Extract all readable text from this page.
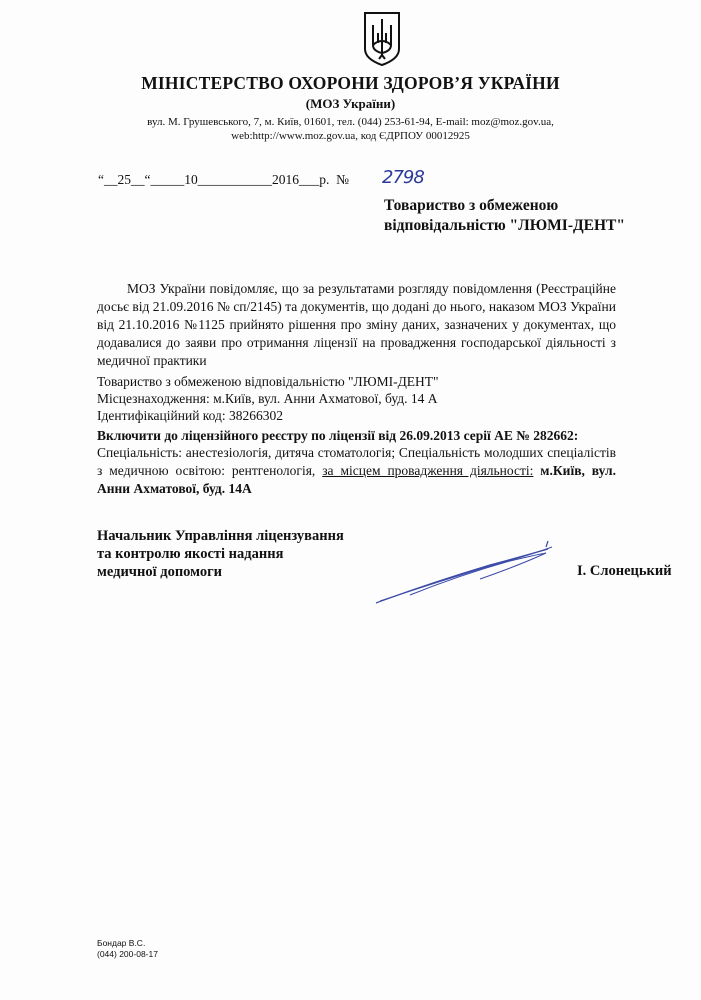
МІНІСТЕРСТВО ОХОРОНИ ЗДОРОВ’Я УКРАЇНИ
(МОЗ України)
вул. М. Грушевського, 7, м. Київ, 01601, тел. (044) 253-61-94, E-mail: moz@moz.gov.ua,
web:http://www.moz.gov.ua, код ЄДРПОУ 00012925
“__25__“_____10___________2016___р.  № 2798
Товариство з обмеженою
відповідальністю "ЛЮМІ-ДЕНТ"
МОЗ України повідомляє, що за результатами розгляду повідомлення (Реєстраційне досьє від 21.09.2016 № сп/2145) та документів, що додані до нього, наказом МОЗ України від 21.10.2016 №1125 прийнято рішення про зміну даних, зазначених у документах, що додавалися до заяви про отримання ліцензії на провадження господарської діяльності з медичної практики
Товариство з обмеженою відповідальністю "ЛЮМІ-ДЕНТ"
Місцезнаходження: м.Київ, вул. Анни Ахматової, буд. 14 А
Ідентифікаційний код: 38266302
Включити до ліцензійного реєстру по ліцензії від 26.09.2013 серії АЕ № 282662:
Спеціальність: анестезіологія, дитяча стоматологія; Спеціальність молодших спеціалістів з медичною освітою: рентгенологія, за місцем провадження діяльності: м.Київ, вул. Анни Ахматової, буд. 14А
Начальник Управління ліцензування
та контролю якості надання
медичної допомоги	І. Слонецький
Бондар В.С.
(044) 200-08-17
